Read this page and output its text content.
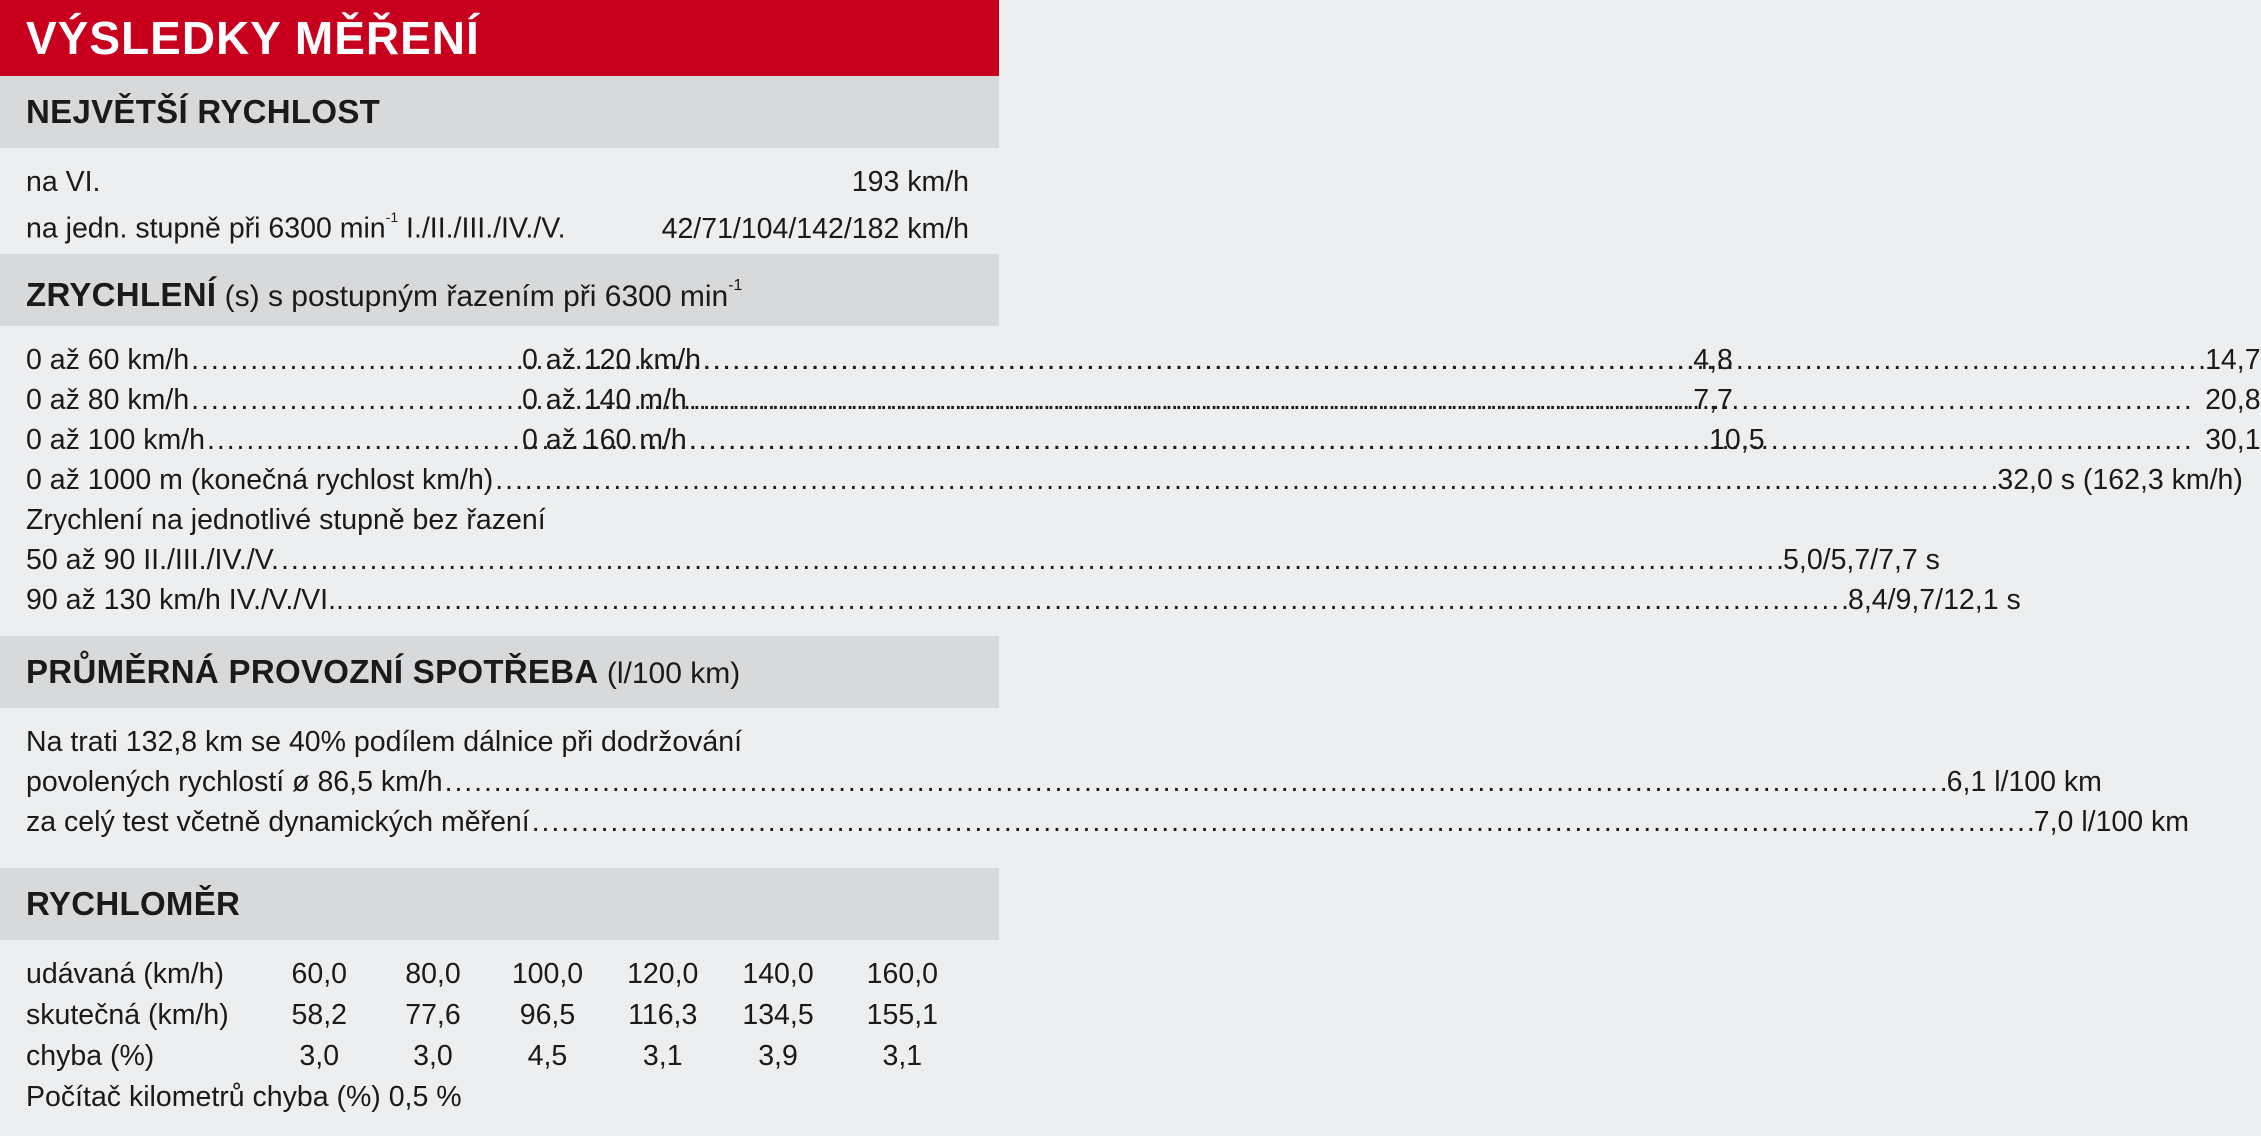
VÝSLEDKY MĚŘENÍ
NEJVĚTŠÍ RYCHLOST
na VI.	193 km/h
na jedn. stupně při 6300 $\min^{-1} I./II./III./IV./V$.	42/71/104/142/182 km/h
ZRYCHLENÍ (s) s postupným řazením při 6300 $\min^{-1}$
0 až 60 km/h . . .	4,8
0 až 80 km/h . . .	7,7
0 až 100 km/h . . .	10,5
0 až 120 km/h . . .	14,7
0 až 140 m/h . . .	20,8
0 až 160 m/h . . .	30,1
0 až 1000 m (konečná rychlost km/h) . . .	32,0 s (162,3 km/h)
Zrychlení na jednotlivé stupně bez řazení
50 až 90 II./III./IV./V. . . .	5,0/5,7/7,7 s
90 až 130 km/h IV./V./VI.. . . .	8,4/9,7/12,1 s
PRŮMĚRNÁ PROVOZNÍ SPOTŘEBA (l/100 km)
Na trati 132,8 km se 40% podílem dálnice při dodržování
povolených rychlostí ø 86,5 km/h . . .	6,1 l/100 km
za celý test včetně dynamických měření . . .	7,0 l/100 km
RYCHLOMĚR
udávaná (km/h)	60,0	80,0	100,0	120,0	140,0	160,0
skutečná (km/h)	58,2	77,6	96,5	116,3	134,5	155,1
chyba (%)	3,0	3,0	4,5	3,1	3,9	3,1
Počítač kilometrů chyba (%) 0,5 %
